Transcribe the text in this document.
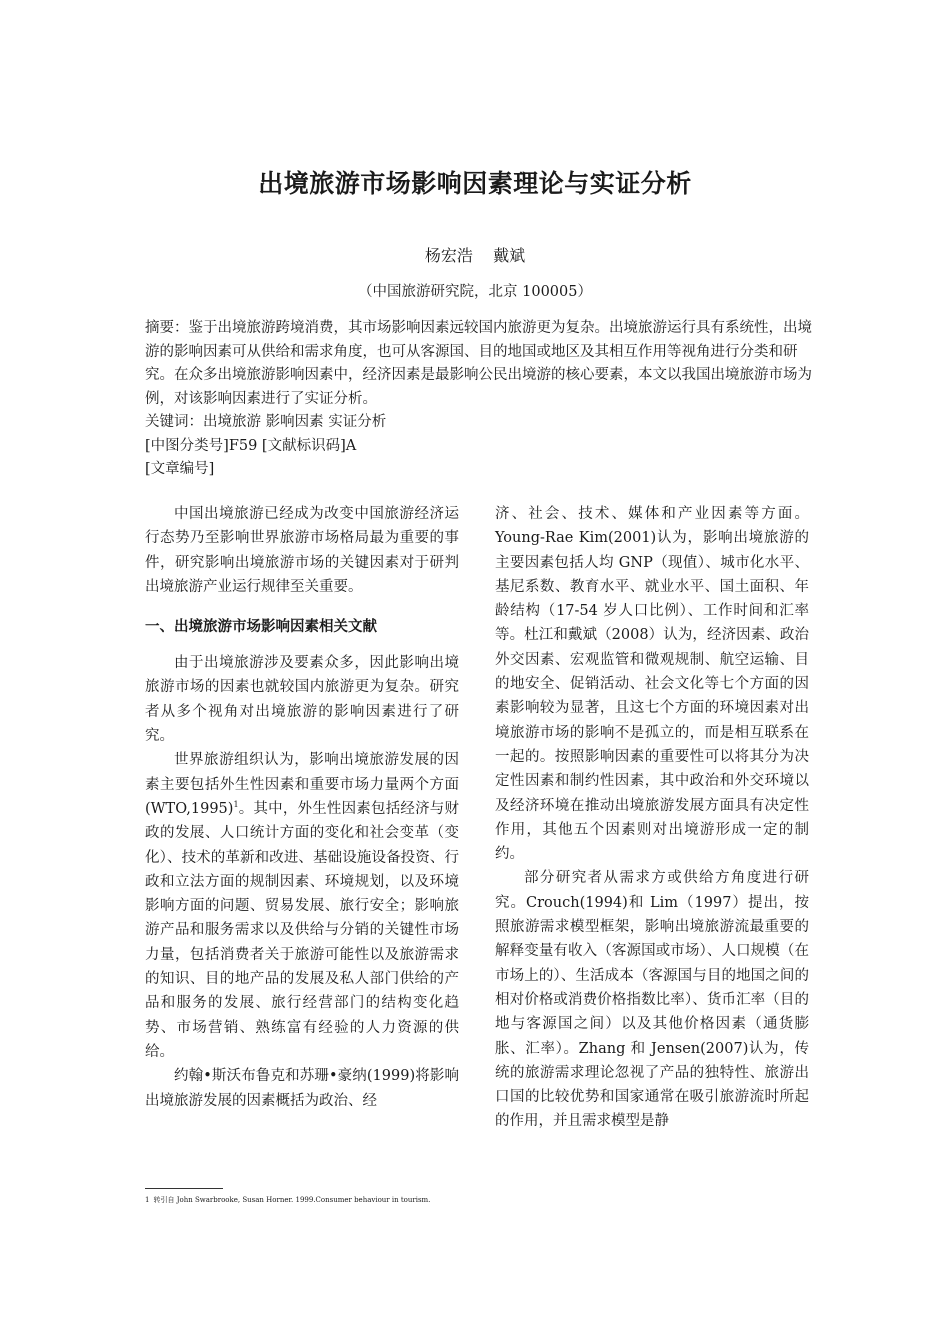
出境旅游市场影响因素理论与实证分析
杨宏浩    戴斌
（中国旅游研究院，北京 100005）

摘要：鉴于出境旅游跨境消费，其市场影响因素远较国内旅游更为复杂。出境旅游运行具有系统性，出境游的影响因素可从供给和需求角度，也可从客源国、目的地国或地区及其相互作用等视角进行分类和研究。在众多出境旅游影响因素中，经济因素是最影响公民出境游的核心要素，本文以我国出境旅游市场为例，对该影响因素进行了实证分析。

关键词：出境旅游 影响因素 实证分析

[中图分类号]F59 [文献标识码]A

[文章编号]

中国出境旅游已经成为改变中国旅游经济运行态势乃至影响世界旅游市场格局最为重要的事件，研究影响出境旅游市场的关键因素对于研判出境旅游产业运行规律至关重要。

一、出境旅游市场影响因素相关文献

由于出境旅游涉及要素众多，因此影响出境旅游市场的因素也就较国内旅游更为复杂。研究者从多个视角对出境旅游的影响因素进行了研究。

世界旅游组织认为，影响出境旅游发展的因素主要包括外生性因素和重要市场力量两个方面$(WTO,1995)^1$。其中，外生性因素包括经济与财政的发展、人口统计方面的变化和社会变革（变化）、技术的革新和改进、基础设施设备投资、行政和立法方面的规制因素、环境规划，以及环境影响方面的问题、贸易发展、旅行安全；影响旅游产品和服务需求以及供给与分销的关键性市场力量，包括消费者关于旅游可能性以及旅游需求的知识、目的地产品的发展及私人部门供给的产品和服务的发展、旅行经营部门的结构变化趋势、市场营销、熟练富有经验的人力资源的供给。

约翰•斯沃布鲁克和苏珊•豪纳(1999)将影响出境旅游发展的因素概括为政治、经

济、社会、技术、媒体和产业因素等方面。Young-Rae Kim(2001)认为，影响出境旅游的主要因素包括人均 GNP（现值）、城市化水平、基尼系数、教育水平、就业水平、国土面积、年龄结构（17-54 岁人口比例）、工作时间和汇率等。杜江和戴斌（2008）认为，经济因素、政治外交因素、宏观监管和微观规制、航空运输、目的地安全、促销活动、社会文化等七个方面的因素影响较为显著，且这七个方面的环境因素对出境旅游市场的影响不是孤立的，而是相互联系在一起的。按照影响因素的重要性可以将其分为决定性因素和制约性因素，其中政治和外交环境以及经济环境在推动出境旅游发展方面具有决定性作用，其他五个因素则对出境游形成一定的制约。

部分研究者从需求方或供给方角度进行研究。Crouch(1994)和 Lim（1997）提出，按照旅游需求模型框架，影响出境旅游流最重要的解释变量有收入（客源国或市场）、人口规模（在市场上的）、生活成本（客源国与目的地国之间的相对价格或消费价格指数比率）、货币汇率（目的地与客源国之间）以及其他价格因素（通货膨胀、汇率）。Zhang 和 Jensen(2007)认为，传统的旅游需求理论忽视了产品的独特性、旅游出口国的比较优势和国家通常在吸引旅游流时所起的作用，并且需求模型是静

1 转引自 John Swarbrooke, Susan Horner. 1999.Consumer behaviour in tourism.
